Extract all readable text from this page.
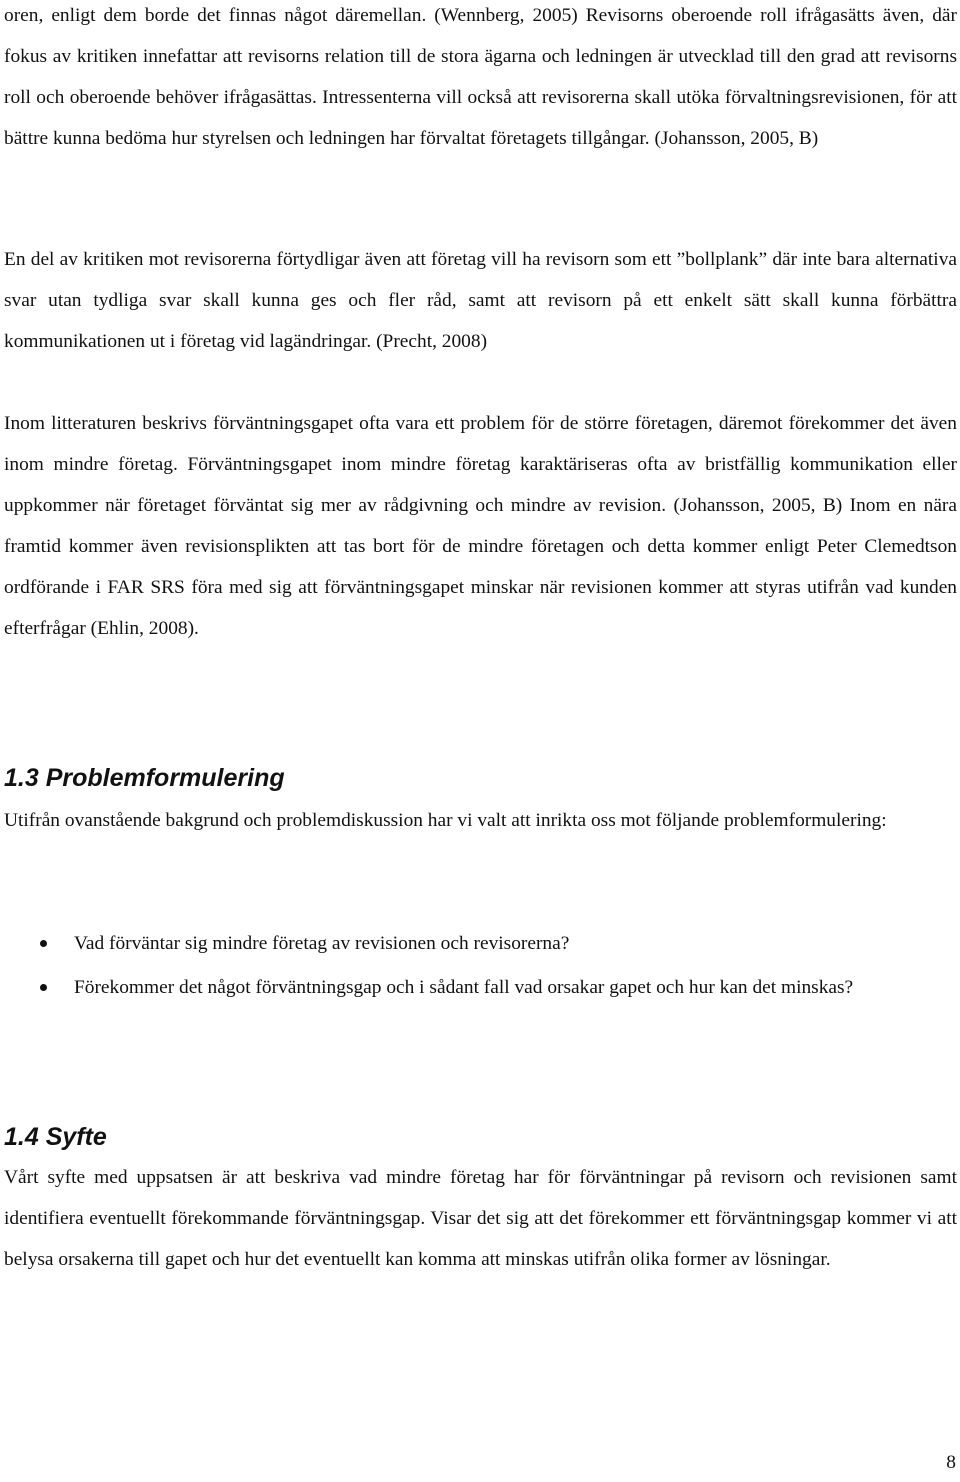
oren, enligt dem borde det finnas något däremellan. (Wennberg, 2005) Revisorns oberoende roll ifrågasätts även, där fokus av kritiken innefattar att revisorns relation till de stora ägarna och ledningen är utvecklad till den grad att revisorns roll och oberoende behöver ifrågasättas. Intressenterna vill också att revisorerna skall utöka förvaltningsrevisionen, för att bättre kunna bedöma hur styrelsen och ledningen har förvaltat företagets tillgångar. (Johansson, 2005, B)

En del av kritiken mot revisorerna förtydligar även att företag vill ha revisorn som ett ”bollplank” där inte bara alternativa svar utan tydliga svar skall kunna ges och fler råd, samt att revisorn på ett enkelt sätt skall kunna förbättra kommunikationen ut i företag vid lagändringar. (Precht, 2008)

Inom litteraturen beskrivs förväntningsgapet ofta vara ett problem för de större företagen, däremot förekommer det även inom mindre företag. Förväntningsgapet inom mindre företag karaktäriseras ofta av bristfällig kommunikation eller uppkommer när företaget förväntat sig mer av rådgivning och mindre av revision. (Johansson, 2005, B) Inom en nära framtid kommer även revisionsplikten att tas bort för de mindre företagen och detta kommer enligt Peter Clemedtson ordförande i FAR SRS föra med sig att förväntningsgapet minskar när revisionen kommer att styras utifrån vad kunden efterfrågar (Ehlin, 2008).

1.3 Problemformulering

Utifrån ovanstående bakgrund och problemdiskussion har vi valt att inrikta oss mot följande problemformulering:

Vad förväntar sig mindre företag av revisionen och revisorerna?
Förekommer det något förväntningsgap och i sådant fall vad orsakar gapet och hur kan det minskas?
1.4 Syfte

Vårt syfte med uppsatsen är att beskriva vad mindre företag har för förväntningar på revisorn och revisionen samt identifiera eventuellt förekommande förväntningsgap. Visar det sig att det förekommer ett förväntningsgap kommer vi att belysa orsakerna till gapet och hur det eventuellt kan komma att minskas utifrån olika former av lösningar.

8
